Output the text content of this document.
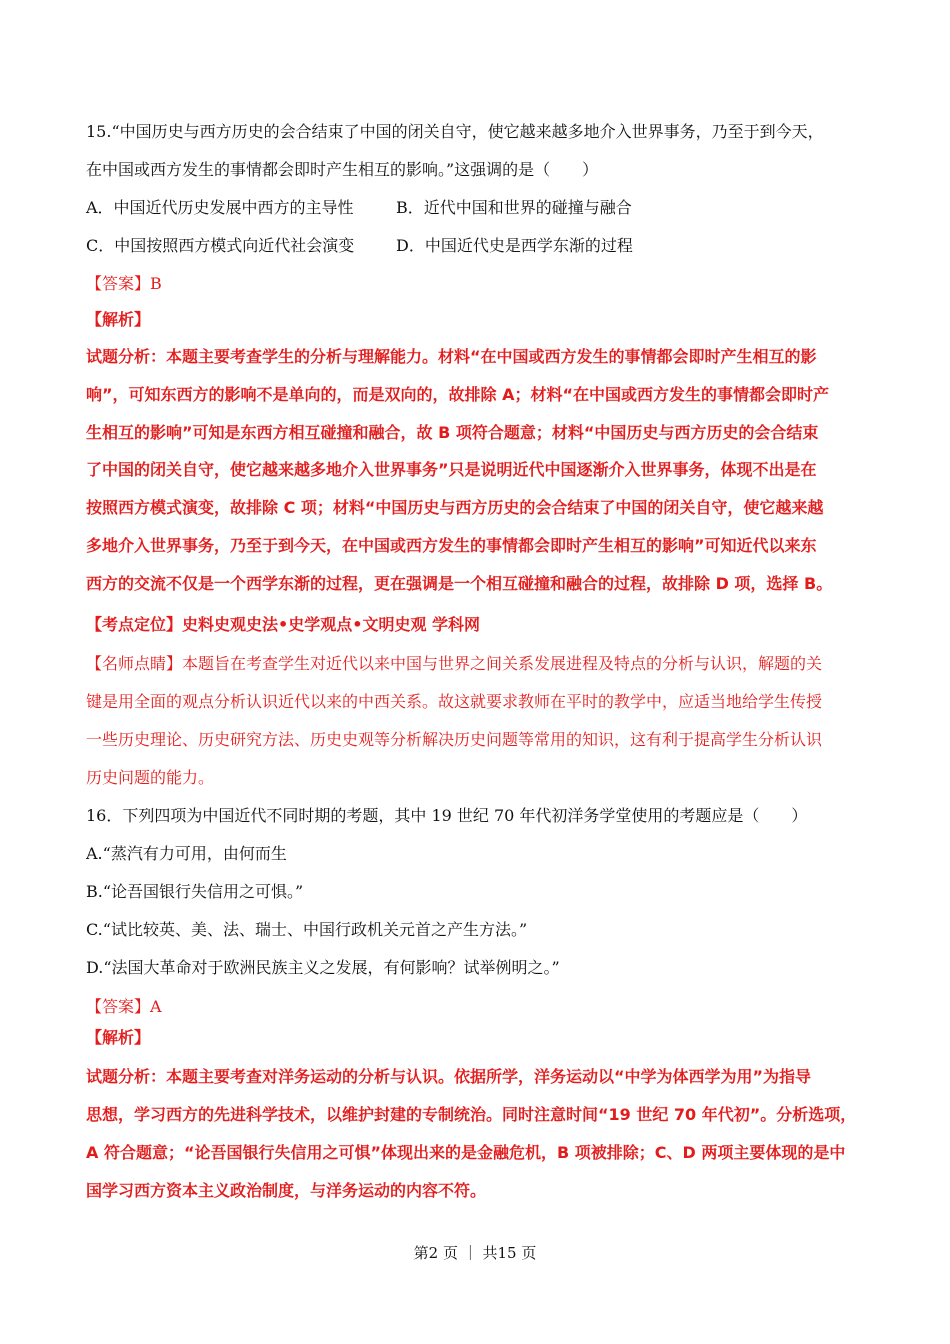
15.“中国历史与西方历史的会合结束了中国的闭关自守，使它越来越多地介入世界事务，乃至于到今天，
在中国或西方发生的事情都会即时产生相互的影响。”这强调的是（　　）
A．中国近代历史发展中西方的主导性	B．近代中国和世界的碰撞与融合
C．中国按照西方模式向近代社会演变	D．中国近代史是西学东渐的过程
【答案】B
【解析】
试题分析：本题主要考查学生的分析与理解能力。材料“在中国或西方发生的事情都会即时产生相互的影
响”，可知东西方的影响不是单向的，而是双向的，故排除 A；材料“在中国或西方发生的事情都会即时产
生相互的影响”可知是东西方相互碰撞和融合，故 B 项符合题意；材料“中国历史与西方历史的会合结束
了中国的闭关自守，使它越来越多地介入世界事务”只是说明近代中国逐渐介入世界事务，体现不出是在
按照西方模式演变，故排除 C 项；材料“中国历史与西方历史的会合结束了中国的闭关自守，使它越来越
多地介入世界事务，乃至于到今天，在中国或西方发生的事情都会即时产生相互的影响”可知近代以来东
西方的交流不仅是一个西学东渐的过程，更在强调是一个相互碰撞和融合的过程，故排除 D 项，选择 B。
【考点定位】史料史观史法•史学观点•文明史观 学科网
【名师点睛】本题旨在考查学生对近代以来中国与世界之间关系发展进程及特点的分析与认识，解题的关
键是用全面的观点分析认识近代以来的中西关系。故这就要求教师在平时的教学中，应适当地给学生传授
一些历史理论、历史研究方法、历史史观等分析解决历史问题等常用的知识，这有利于提高学生分析认识
历史问题的能力。
16．下列四项为中国近代不同时期的考题，其中 19 世纪 70 年代初洋务学堂使用的考题应是（　　）
A.“蒸汽有力可用，由何而生
B.“论吾国银行失信用之可惧。”
C.“试比较英、美、法、瑞士、中国行政机关元首之产生方法。”
D.“法国大革命对于欧洲民族主义之发展，有何影响？试举例明之。”
【答案】A
【解析】
试题分析：本题主要考查对洋务运动的分析与认识。依据所学，洋务运动以“中学为体西学为用”为指导
思想，学习西方的先进科学技术，以维护封建的专制统治。同时注意时间“19 世纪 70 年代初”。分析选项，
A 符合题意；“论吾国银行失信用之可惧”体现出来的是金融危机，B 项被排除；C、D 两项主要体现的是中
国学习西方资本主义政治制度，与洋务运动的内容不符。
第2 页 ｜ 共15 页
